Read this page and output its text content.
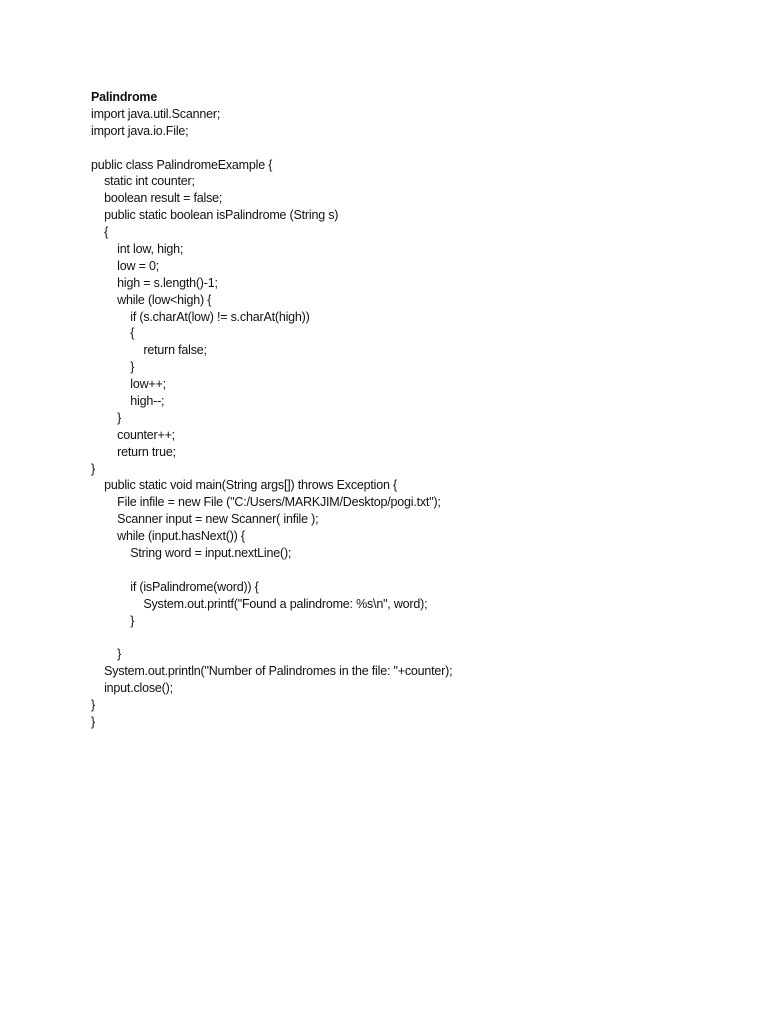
Palindrome
import java.util.Scanner;
import java.io.File;
public class PalindromeExample {
static int counter;
boolean result = false;
public static boolean isPalindrome (String s)
{
int low, high;
low = 0;
high = s.length()-1;
while (low<high) {
if (s.charAt(low) != s.charAt(high))
{
return false;
}
low++;
high--;
}
counter++;
return true;
}
public static void main(String args[]) throws Exception {
File infile = new File ("C:/Users/MARKJIM/Desktop/pogi.txt");
Scanner input = new Scanner( infile );
while (input.hasNext()) {
String word = input.nextLine();
if (isPalindrome(word)) {
System.out.printf("Found a palindrome: %s\n", word);
}
}
System.out.println("Number of Palindromes in the file: "+counter);
input.close();
}
}
